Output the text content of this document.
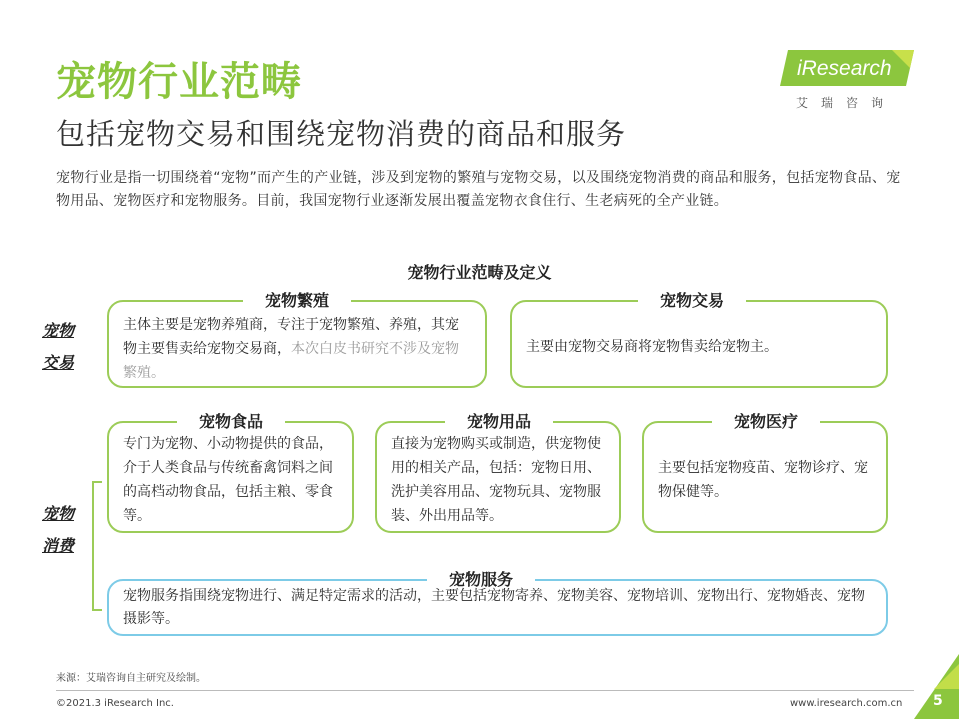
宠物行业范畴
包括宠物交易和围绕宠物消费的商品和服务
宠物行业是指一切围绕着“宠物”而产生的产业链，涉及到宠物的繁殖与宠物交易，以及围绕宠物消费的商品和服务，包括宠物食品、宠物用品、宠物医疗和宠物服务。目前，我国宠物行业逐渐发展出覆盖宠物衣食住行、生老病死的全产业链。
iResearch
艾瑞咨询
宠物行业范畴及定义
宠物
交易
宠物
消费
宠物繁殖
主体主要是宠物养殖商，专注于宠物繁殖、养殖，其宠物主要售卖给宠物交易商，本次白皮书研究不涉及宠物繁殖。
宠物交易
主要由宠物交易商将宠物售卖给宠物主。
宠物食品
专门为宠物、小动物提供的食品，介于人类食品与传统畜禽饲料之间的高档动物食品，包括主粮、零食等。
宠物用品
直接为宠物购买或制造，供宠物使用的相关产品，包括：宠物日用、洗护美容用品、宠物玩具、宠物服装、外出用品等。
宠物医疗
主要包括宠物疫苗、宠物诊疗、宠物保健等。
宠物服务
宠物服务指围绕宠物进行、满足特定需求的活动，主要包括宠物寄养、宠物美容、宠物培训、宠物出行、宠物婚丧、宠物摄影等。
来源：艾瑞咨询自主研究及绘制。
©2021.3 iResearch Inc.	www.iresearch.com.cn 5
